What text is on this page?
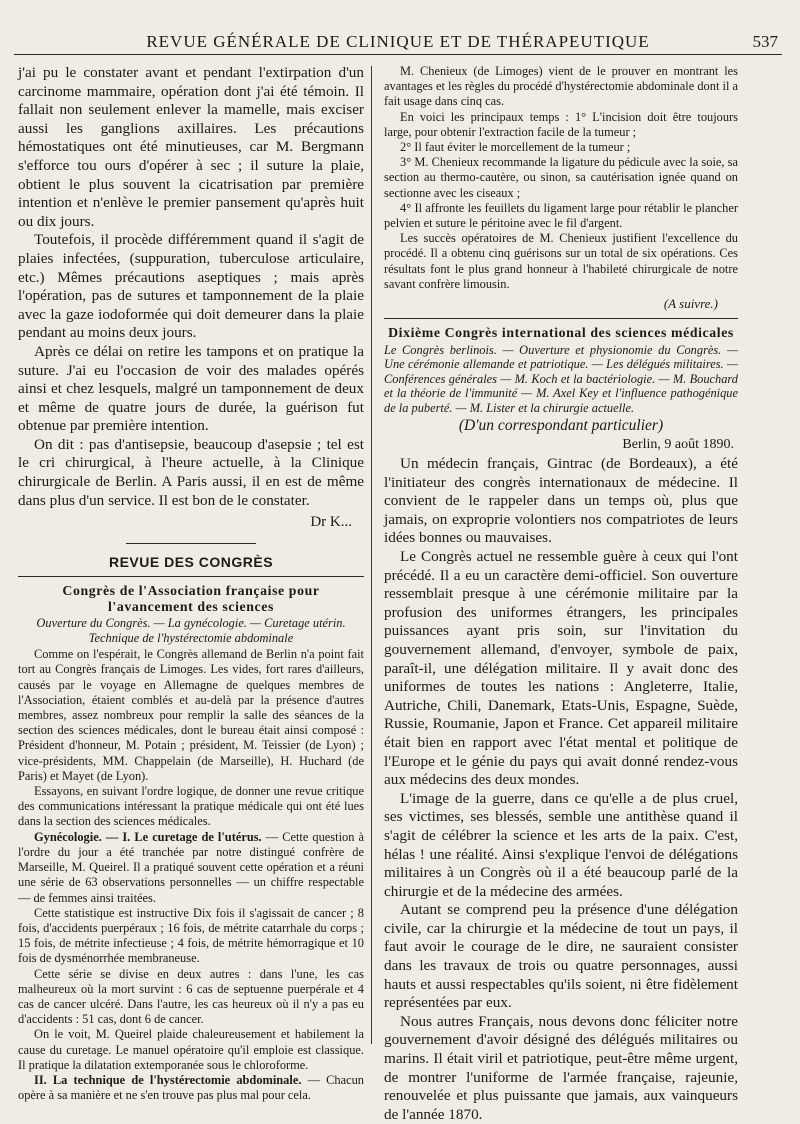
REVUE GÉNÉRALE DE CLINIQUE ET DE THÉRAPEUTIQUE	537

j'ai pu le constater avant et pendant l'extirpation d'un carcinome mammaire, opération dont j'ai été témoin. Il fallait non seulement enlever la mamelle, mais exciser aussi les ganglions axillaires. Les précautions hémostatiques ont été minutieuses, car M. Bergmann s'efforce tou ours d'opérer à sec ; il suture la plaie, obtient le plus souvent la cicatrisation par première intention et n'enlève le premier pansement qu'après huit ou dix jours.

Toutefois, il procède différemment quand il s'agit de plaies infectées, (suppuration, tuberculose articulaire, etc.) Mêmes précautions aseptiques ; mais après l'opération, pas de sutures et tamponnement de la plaie avec la gaze iodoformée qui doit demeurer dans la plaie pendant au moins deux jours.

Après ce délai on retire les tampons et on pratique la suture. J'ai eu l'occasion de voir des malades opérés ainsi et chez lesquels, malgré un tamponnement de deux et même de quatre jours de durée, la guérison fut obtenue par première intention.

On dit : pas d'antisepsie, beaucoup d'asepsie ; tel est le cri chirurgical, à l'heure actuelle, à la Clinique chirurgicale de Berlin. A Paris aussi, il en est de même dans plus d'un service. Il est bon de le constater.

Dr K...

REVUE DES CONGRÈS
Congrès de l'Association française pour l'avancement des sciences
Ouverture du Congrès. — La gynécologie. — Curetage utérin. Technique de l'hystérectomie abdominale

Comme on l'espérait, le Congrès allemand de Berlin n'a point fait tort au Congrès français de Limoges. Les vides, fort rares d'ailleurs, causés par le voyage en Allemagne de quelques membres de l'Association, étaient comblés et au-delà par la présence d'autres membres, assez nombreux pour remplir la salle des séances de la section des sciences médicales, dont le bureau était ainsi composé : Président d'honneur, M. Potain ; président, M. Teissier (de Lyon) ; vice-présidents, MM. Chappelain (de Marseille), H. Huchard (de Paris) et Mayet (de Lyon).

Essayons, en suivant l'ordre logique, de donner une revue critique des communications intéressant la pratique médicale qui ont été lues dans la section des sciences médicales.

Gynécologie. — I. Le curetage de l'utérus. — Cette question à l'ordre du jour a été tranchée par notre distingué confrère de Marseille, M. Queirel. Il a pratiqué souvent cette opération et a réuni une série de 63 observations personnelles — un chiffre respectable — de femmes ainsi traitées.

Cette statistique est instructive Dix fois il s'agissait de cancer ; 8 fois, d'accidents puerpéraux ; 16 fois, de métrite catarrhale du corps ; 15 fois, de métrite infectieuse ; 4 fois, de métrite hémorragique et 10 fois de dysménorrhée membraneuse.

Cette série se divise en deux autres : dans l'une, les cas malheureux où la mort survint : 6 cas de septuenne puerpérale et 4 cas de cancer ulcéré. Dans l'autre, les cas heureux où il n'y a pas eu d'accidents : 51 cas, dont 6 de cancer.

On le voit, M. Queirel plaide chaleureusement et habilement la cause du curetage. Le manuel opératoire qu'il emploie est classique. Il pratique la dilatation extemporanée sous le chloroforme.

II. La technique de l'hystérectomie abdominale. — Chacun opère à sa manière et ne s'en trouve pas plus mal pour cela.

M. Chenieux (de Limoges) vient de le prouver en montrant les avantages et les règles du procédé d'hystérectomie abdominale dont il a fait usage dans cinq cas.

En voici les principaux temps : 1° L'incision doit être toujours large, pour obtenir l'extraction facile de la tumeur ;

2° Il faut éviter le morcellement de la tumeur ;

3° M. Chenieux recommande la ligature du pédicule avec la soie, sa section au thermo-cautère, ou sinon, sa cautérisation ignée quand on sectionne avec les ciseaux ;

4° Il affronte les feuillets du ligament large pour rétablir le plancher pelvien et suture le péritoine avec le fil d'argent.

Les succès opératoires de M. Chenieux justifient l'excellence du procédé. Il a obtenu cinq guérisons sur un total de six opérations. Ces résultats font le plus grand honneur à l'habileté chirurgicale de notre savant confrère limousin.

(A suivre.)
Dixième Congrès international des sciences médicales
Le Congrès berlinois. — Ouverture et physionomie du Congrès. — Une cérémonie allemande et patriotique. — Les délégués militaires. — Conférences générales — M. Koch et la bactériologie. — M. Bouchard et la théorie de l'immunité — M. Axel Key et l'influence pathogénique de la puberté. — M. Lister et la chirurgie actuelle.
(D'un correspondant particulier)
Berlin, 9 août 1890.

Un médecin français, Gintrac (de Bordeaux), a été l'initiateur des congrès internationaux de médecine. Il convient de le rappeler dans un temps où, plus que jamais, on exproprie volontiers nos compatriotes de leurs idées bonnes ou mauvaises.

Le Congrès actuel ne ressemble guère à ceux qui l'ont précédé. Il a eu un caractère demi-officiel. Son ouverture ressemblait presque à une cérémonie militaire par la profusion des uniformes étrangers, les principales puissances ayant pris soin, sur l'invitation du gouvernement allemand, d'envoyer, symbole de paix, paraît-il, une délégation militaire. Il y avait donc des uniformes de toutes les nations : Angleterre, Italie, Autriche, Chili, Danemark, Etats-Unis, Espagne, Suède, Russie, Roumanie, Japon et France. Cet appareil militaire était bien en rapport avec l'état mental et politique de l'Europe et le génie du pays qui avait donné rendez-vous aux médecins des deux mondes.

L'image de la guerre, dans ce qu'elle a de plus cruel, ses victimes, ses blessés, semble une antithèse quand il s'agit de célébrer la science et les arts de la paix. C'est, hélas ! une réalité. Ainsi s'explique l'envoi de délégations militaires à un Congrès où il a été beaucoup parlé de la chirurgie et de la médecine des armées.

Autant se comprend peu la présence d'une délégation civile, car la chirurgie et la médecine de tout un pays, il faut avoir le courage de le dire, ne sauraient consister dans les travaux de trois ou quatre personnages, aussi hauts et aussi respectables qu'ils soient, ni être fidèlement représentées par eux.

Nous autres Français, nous devons donc féliciter notre gouvernement d'avoir désigné des délégués militaires ou marins. Il était viril et patriotique, peut-être même urgent, de montrer l'uniforme de l'armée française, rajeunie, renouvelée et plus puissante que jamais, aux vainqueurs de l'année 1870.
